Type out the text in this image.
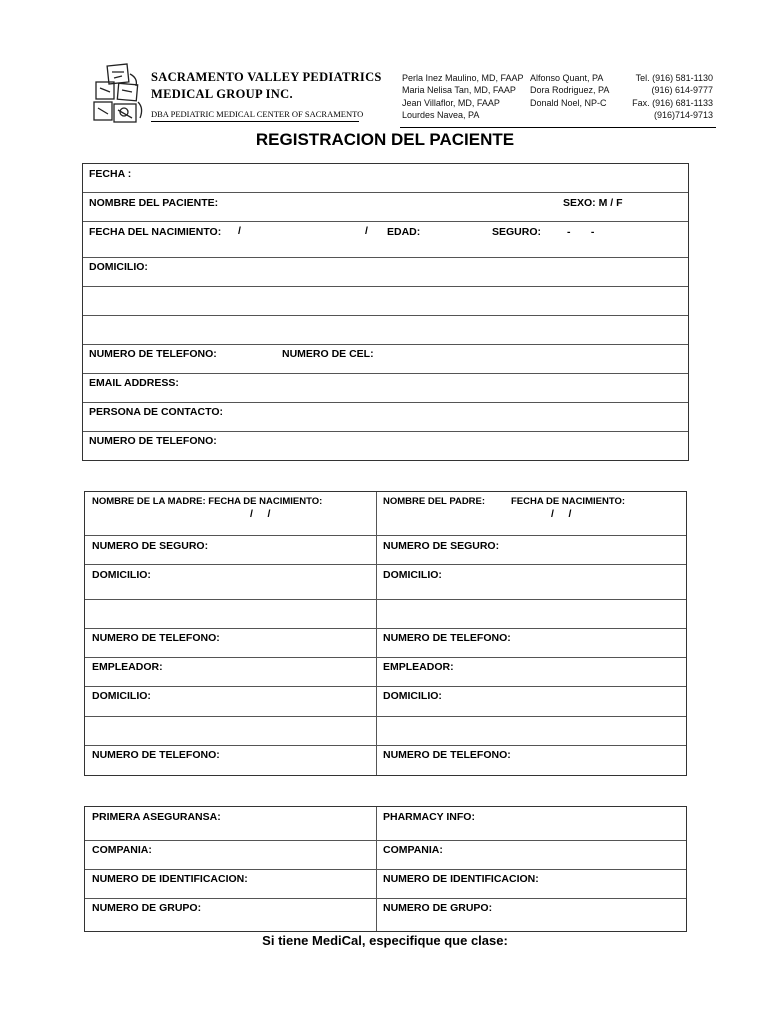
SACRAMENTO VALLEY PEDIATRICS
MEDICAL GROUP INC.
DBA PEDIATRIC MEDICAL CENTER OF SACRAMENTO
Perla Inez Maulino, MD, FAAP
Maria Nelisa Tan, MD, FAAP
Jean Villaflor, MD, FAAP
Lourdes Navea, PA
Alfonso Quant, PA
Dora Rodriguez, PA
Donald Noel, NP-C
Tel. (916) 581-1130
(916) 614-9777
Fax. (916) 681-1133
(916)714-9713
REGISTRACION DEL PACIENTE
FECHA :
NOMBRE DEL PACIENTE:	SEXO: M / F
FECHA DEL NACIMIENTO: /	/ EDAD:	SEGURO: -       -
DOMICILIO:
NUMERO DE TELEFONO:	NUMERO DE CEL:
EMAIL ADDRESS:
PERSONA DE CONTACTO:
NUMERO DE TELEFONO:
NOMBRE DE LA MADRE: FECHA DE NACIMIENTO:
/     /
NOMBRE DEL PADRE:	FECHA DE NACIMIENTO:
/     /
NUMERO DE SEGURO:	NUMERO DE SEGURO:
DOMICILIO:	DOMICILIO:
NUMERO DE TELEFONO:	NUMERO DE TELEFONO:
EMPLEADOR:	EMPLEADOR:
DOMICILIO:	DOMICILIO:
NUMERO DE TELEFONO:	NUMERO DE TELEFONO:
PRIMERA ASEGURANSA:	PHARMACY INFO:
COMPANIA:	COMPANIA:
NUMERO DE IDENTIFICACION:	NUMERO DE IDENTIFICACION:
NUMERO DE GRUPO:	NUMERO DE GRUPO:
Si tiene MediCal, especifique que clase:
